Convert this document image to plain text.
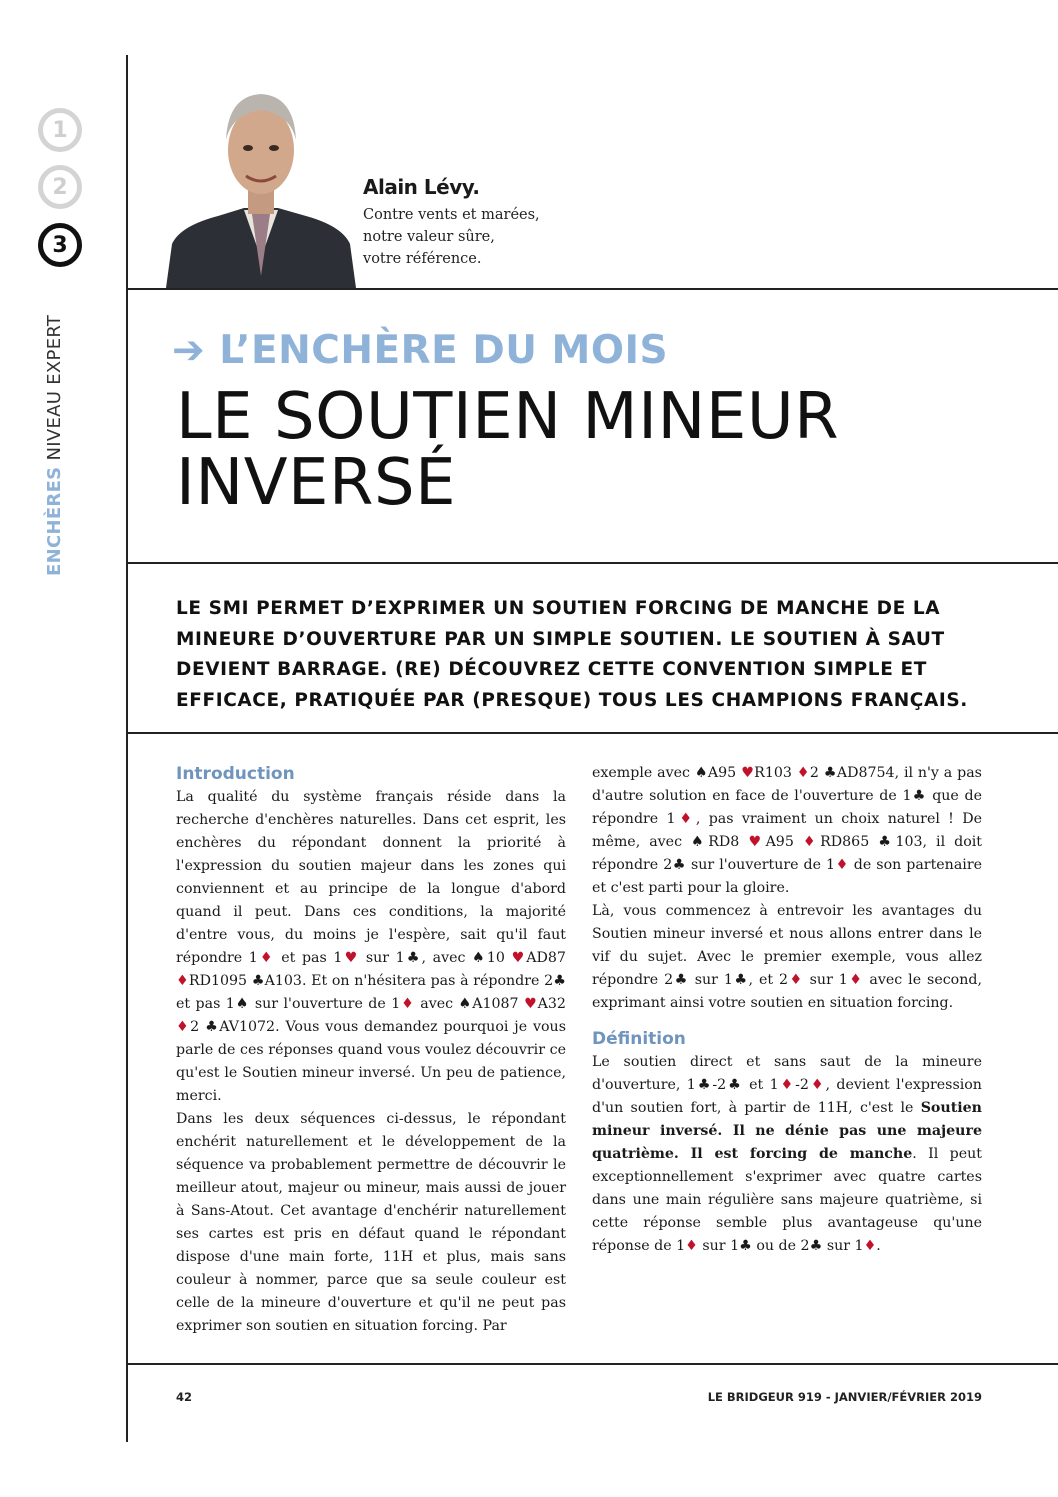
1
2
3
ENCHÈRES NIVEAU EXPERT
Alain Lévy.
Contre vents et marées,
notre valeur sûre,
votre référence.
➔ L’ENCHÈRE DU MOIS
LE SOUTIEN MINEUR
INVERSÉ
LE SMI PERMET D’EXPRIMER UN SOUTIEN FORCING DE MANCHE DE LA MINEURE D’OUVERTURE PAR UN SIMPLE SOUTIEN. LE SOUTIEN À SAUT DEVIENT BARRAGE. (RE) DÉCOUVREZ CETTE CONVENTION SIMPLE ET EFFICACE, PRATIQUÉE PAR (PRESQUE) TOUS LES CHAMPIONS FRANÇAIS.
Introduction

La qualité du système français réside dans la recherche d'enchères naturelles. Dans cet esprit, les enchères du répondant donnent la priorité à l'expression du soutien majeur dans les zones qui conviennent et au principe de la longue d'abord quand il peut. Dans ces conditions, la majorité d'entre vous, du moins je l'espère, sait qu'il faut répondre 1♦ et pas 1♥ sur 1♣, avec ♠10 ♥AD87 ♦RD1095 ♣A103. Et on n'hésitera pas à répondre 2♣ et pas 1♠ sur l'ouverture de 1♦ avec ♠A1087 ♥A32 ♦2 ♣AV1072. Vous vous demandez pourquoi je vous parle de ces réponses quand vous voulez découvrir ce qu'est le Soutien mineur inversé. Un peu de patience, merci.

Dans les deux séquences ci-dessus, le répondant enchérit naturellement et le développement de la séquence va probablement permettre de découvrir le meilleur atout, majeur ou mineur, mais aussi de jouer à Sans-Atout. Cet avantage d'enchérir naturellement ses cartes est pris en défaut quand le répondant dispose d'une main forte, 11H et plus, mais sans couleur à nommer, parce que sa seule couleur est celle de la mineure d'ouverture et qu'il ne peut pas exprimer son soutien en situation forcing. Par

42	LE BRIDGEUR 919 - JANVIER/FÉVRIER 2019

exemple avec ♠A95 ♥R103 ♦2 ♣AD8754, il n'y a pas d'autre solution en face de l'ouverture de 1♣ que de répondre 1♦, pas vraiment un choix naturel ! De même, avec ♠RD8 ♥A95 ♦RD865 ♣103, il doit répondre 2♣ sur l'ouverture de 1♦ de son partenaire et c'est parti pour la gloire.

Là, vous commencez à entrevoir les avantages du Soutien mineur inversé et nous allons entrer dans le vif du sujet. Avec le premier exemple, vous allez répondre 2♣ sur 1♣, et 2♦ sur 1♦ avec le second, exprimant ainsi votre soutien en situation forcing.

Définition

Le soutien direct et sans saut de la mineure d'ouverture, 1♣-2♣ et 1♦-2♦, devient l'expression d'un soutien fort, à partir de 11H, c'est le Soutien mineur inversé. Il ne dénie pas une majeure quatrième. Il est forcing de manche. Il peut exceptionnellement s'exprimer avec quatre cartes dans une main régulière sans majeure quatrième, si cette réponse semble plus avantageuse qu'une réponse de 1♦ sur 1♣ ou de 2♣ sur 1♦.
